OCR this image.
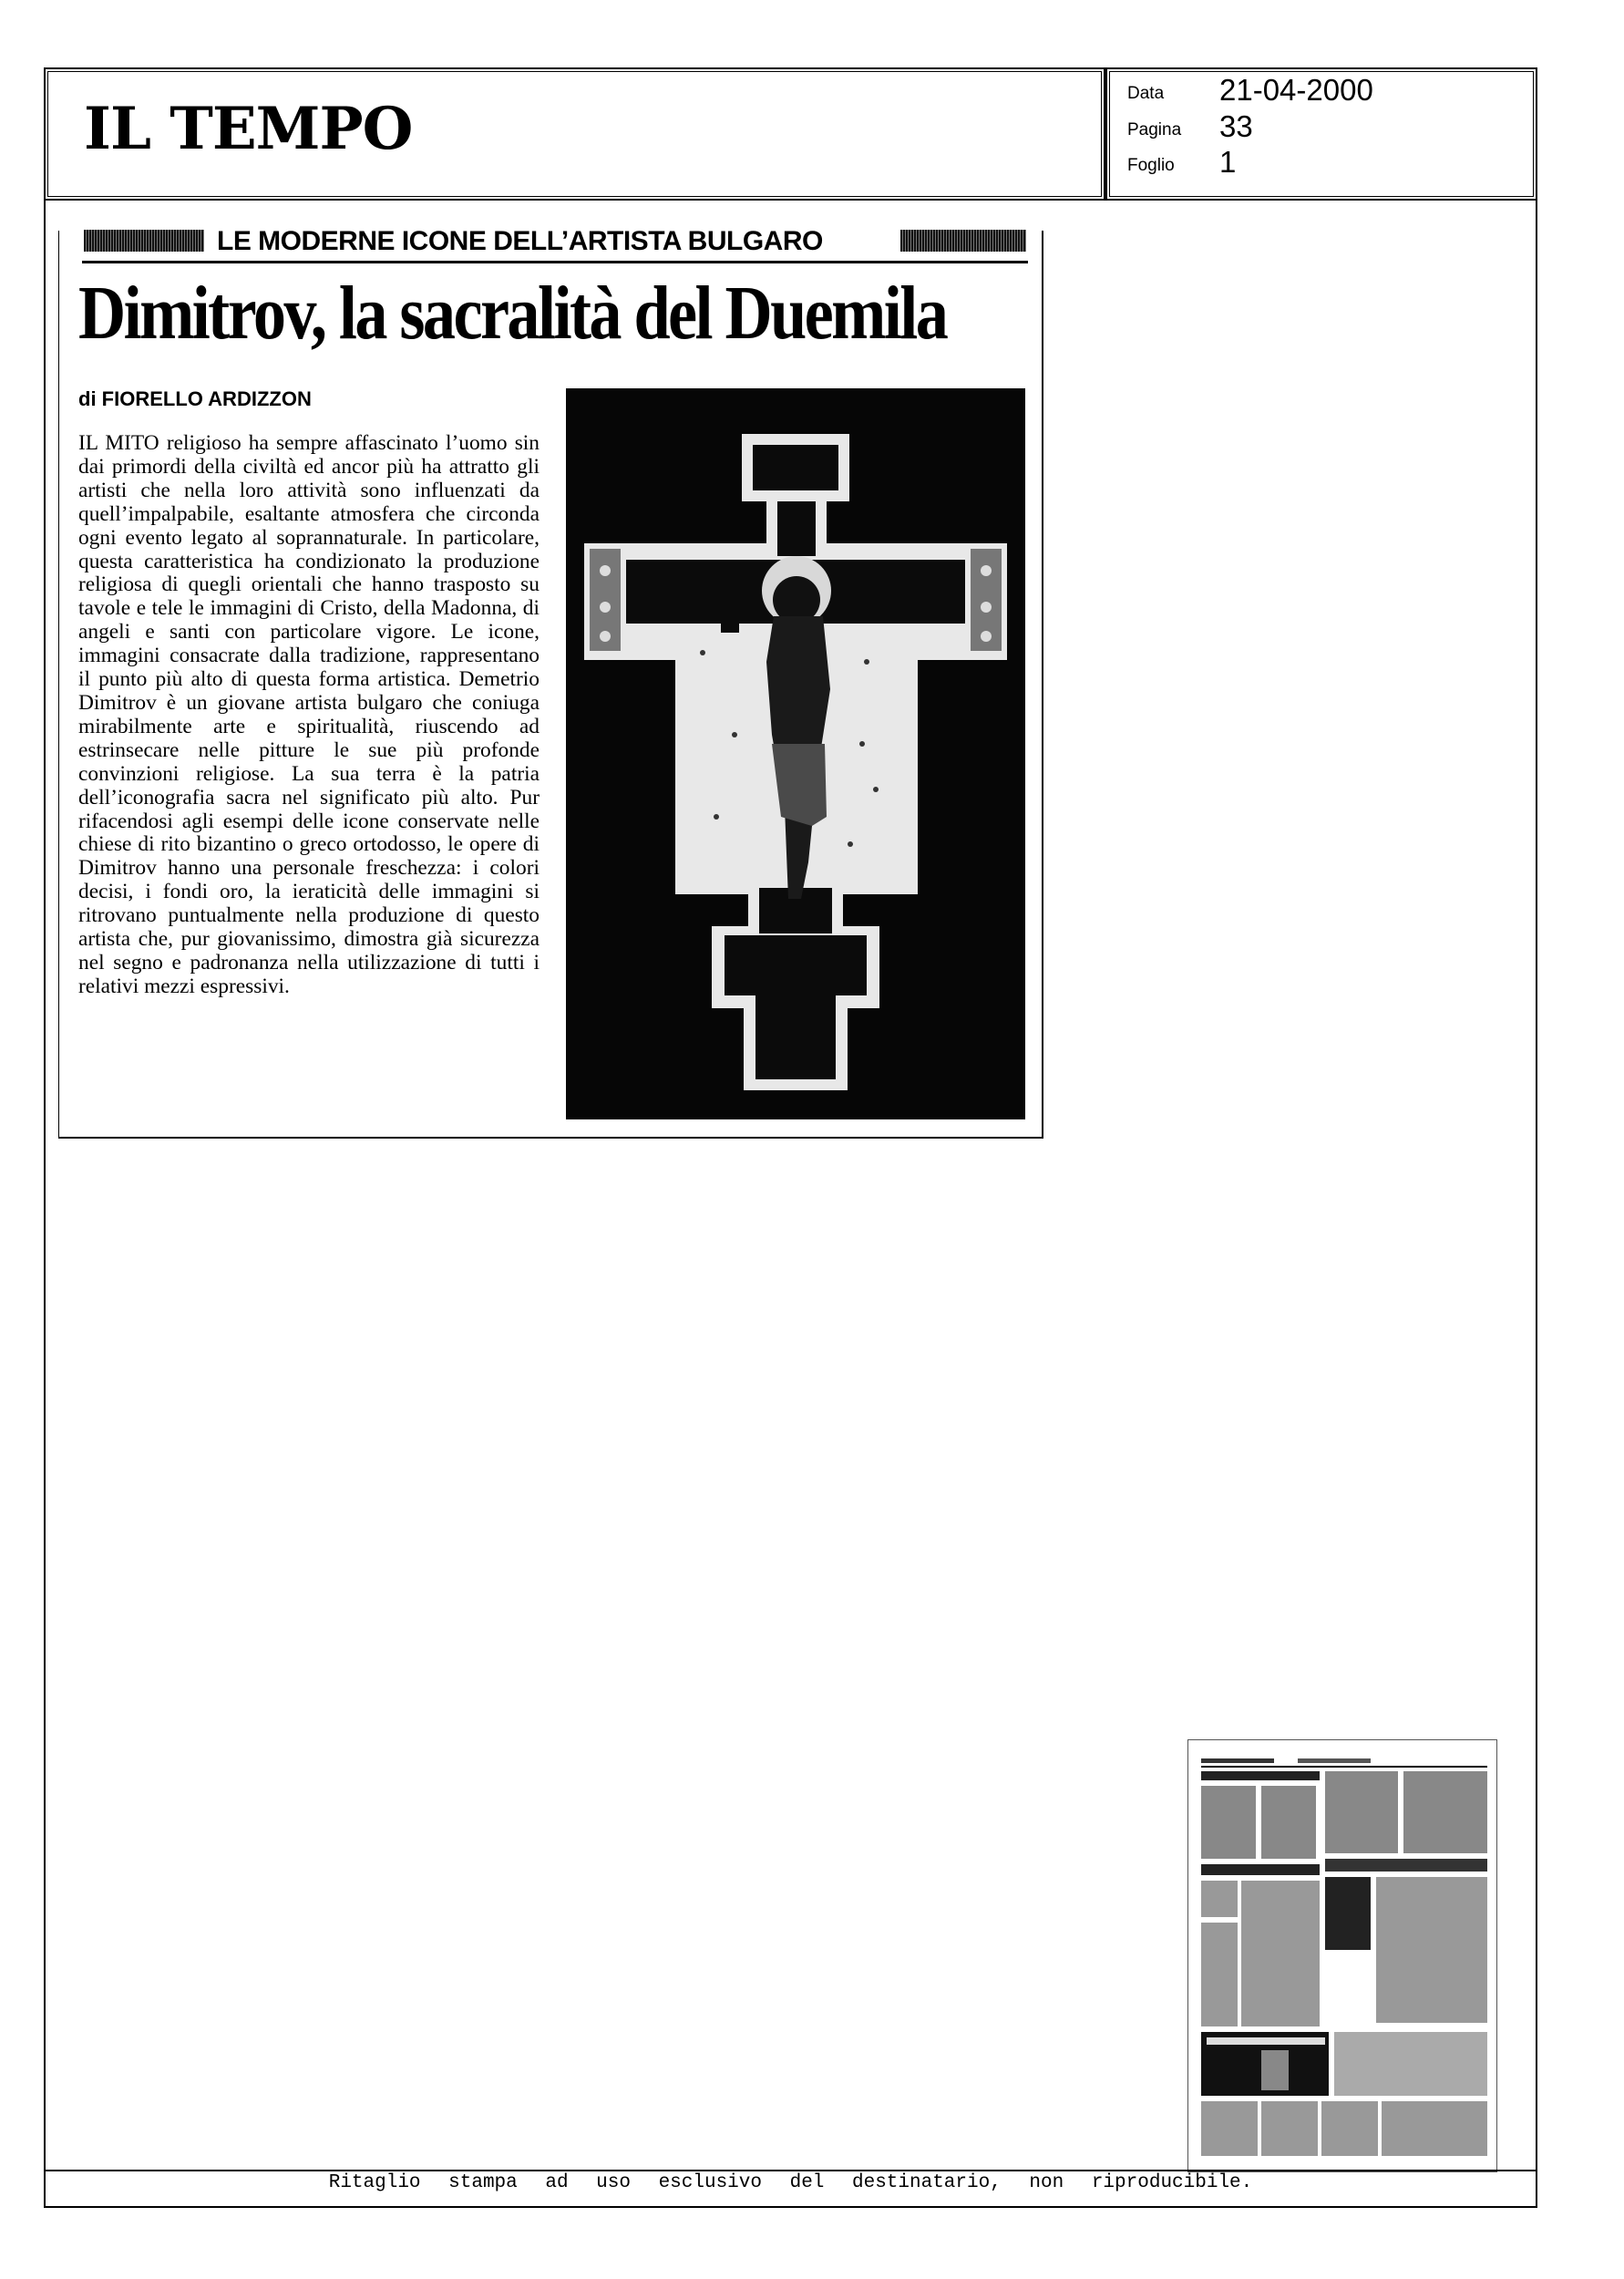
IL TEMPO
Data 21-04-2000
Pagina 33
Foglio 1
LE MODERNE ICONE DELL’ARTISTA BULGARO
Dimitrov, la sacralità del Duemila
di FIORELLO ARDIZZON
IL MITO religioso ha sempre affascinato l’uomo sin dai primordi della civiltà ed ancor più ha attratto gli artisti che nella loro attività sono influenzati da quell’impalpabile, esaltante atmosfera che circonda ogni evento legato al soprannaturale. In particolare, questa caratteristica ha condizionato la produzione religiosa di quegli orientali che hanno trasposto su tavole e tele le immagini di Cristo, della Madonna, di angeli e santi con particolare vigore. Le icone, immagini consacrate dalla tradizione, rappresentano il punto più alto di questa forma artistica. Demetrio Dimitrov è un giovane artista bulgaro che coniuga mirabilmente arte e spiritualità, riuscendo ad estrinsecare nelle pitture le sue più profonde convinzioni religiose. La sua terra è la patria dell’iconografia sacra nel significato più alto. Pur rifacendosi agli esempi delle icone conservate nelle chiese di rito bizantino o greco ortodosso, le opere di Dimitrov hanno una personale freschezza: i colori decisi, i fondi oro, la ieraticità delle immagini si ritrovano puntualmente nella produzione di questo artista che, pur giovanissimo, dimostra già sicurezza nel segno e padronanza nella utilizzazione di tutti i relativi mezzi espressivi.
Ritaglio stampa ad uso esclusivo del destinatario, non riproducibile.
